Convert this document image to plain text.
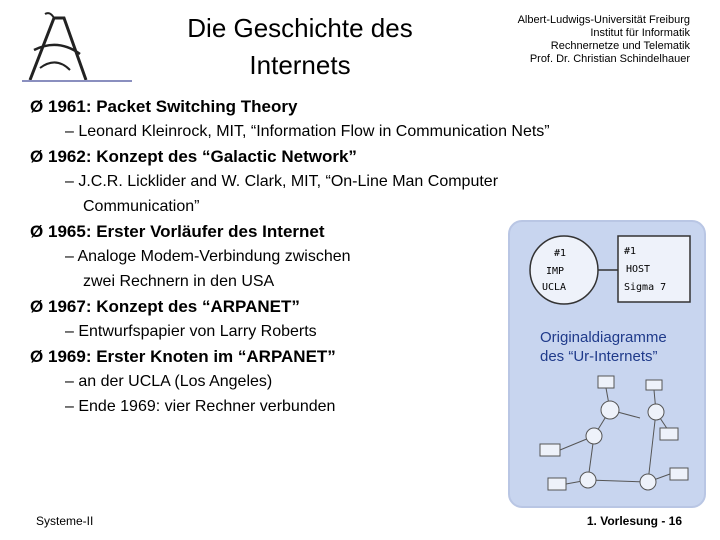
Die Geschichte des
Internets
Albert-Ludwigs-Universität Freiburg
Institut für Informatik
Rechnernetze und Telematik
Prof. Dr. Christian Schindelhauer
Ø 1961: Packet Switching Theory
– Leonard Kleinrock, MIT, “Information Flow in Communication Nets”
Ø 1962: Konzept des “Galactic Network”
– J.C.R. Licklider and W. Clark, MIT, “On-Line Man Computer
Communication”
Ø 1965: Erster Vorläufer des Internet
– Analoge Modem-Verbindung zwischen
zwei Rechnern in den USA
Ø 1967: Konzept des “ARPANET”
– Entwurfspapier von Larry Roberts
Ø 1969: Erster Knoten im “ARPANET”
– an der UCLA (Los Angeles)
– Ende 1969: vier Rechner verbunden
#1
IMP
UCLA
#1
HOST
Sigma 7
Originaldiagramme
des “Ur-Internets”
Systeme-II	1. Vorlesung - 16
